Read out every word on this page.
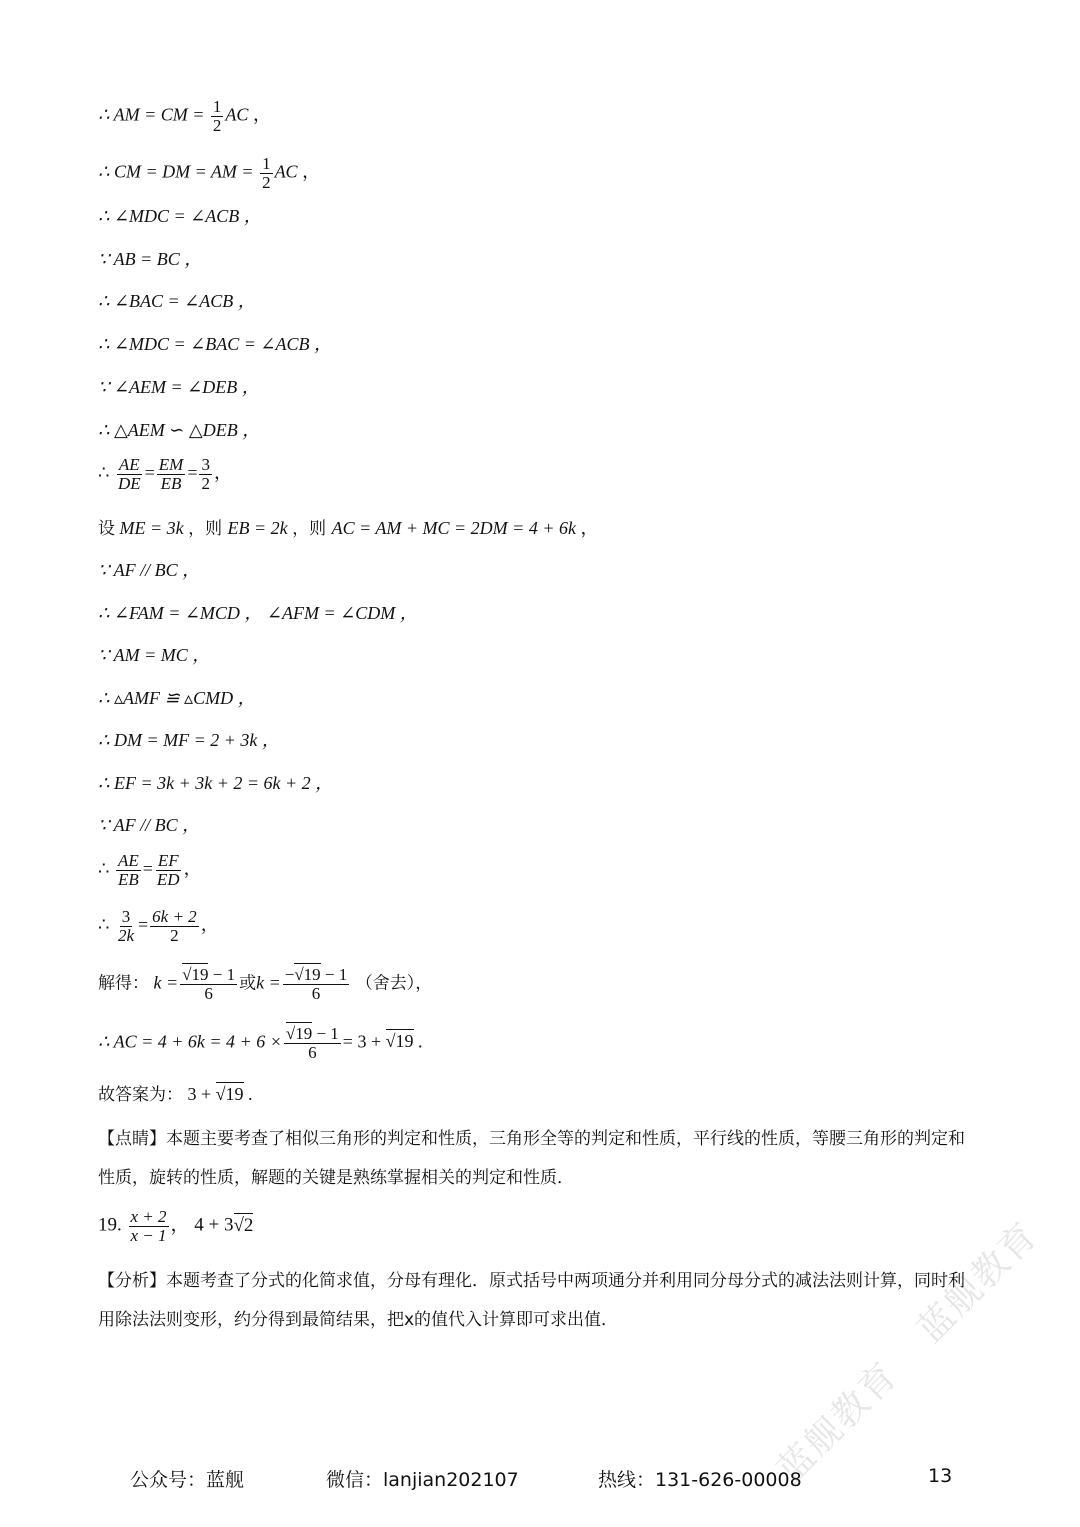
蓝舰教育
蓝舰教育
∴ AM = CM = $\frac{1}{2}$ AC ，
∴ CM = DM = AM = $\frac{1}{2}$ AC ，
∴ ∠MDC = ∠ACB ，
∵ AB = BC ，
∴ ∠BAC = ∠ACB ，
∴ ∠MDC = ∠BAC = ∠ACB ，
∵ ∠AEM = ∠DEB ，
∴ △AEM ∽ △DEB ，
∴ $\frac{AE}{DE} = \frac{EM}{EB} = \frac{3}{2}$ ，
设 ME = 3k ，则 EB = 2k ，则 AC = AM + MC = 2DM = 4 + 6k ，
∵ AF // BC ，
∴ ∠FAM = ∠MCD ， ∠AFM = ∠CDM ，
∵ AM = MC ，
∴ ▵AMF ≌ ▵CMD ，
∴ DM = MF = 2 + 3k ，
∴ EF = 3k + 3k + 2 = 6k + 2 ，
∵ AF // BC ，
∴ $\frac{AE}{EB} = \frac{EF}{ED}$ ，
∴ $\frac{3}{2k} = \frac{6k + 2}{2}$ ，
解得： $k = \frac{√19 - 1}{6}$ 或$k = \frac{-√19 - 1}{6}$ （舍去），
∴ AC = $4 + 6k = 4 + 6 \times \frac{√19 - 1}{6} = 3 + √19$ .
故答案为： 3 + √19 .
【点睛】本题主要考查了相似三角形的判定和性质，三角形全等的判定和性质，平行线的性质，等腰三角形的判定和性质，旋转的性质，解题的关键是熟练掌握相关的判定和性质．
19. $\frac{x + 2}{x - 1}$ ， 4 + 3√2
【分析】本题考查了分式的化简求值，分母有理化．原式括号中两项通分并利用同分母分式的减法法则计算，同时利用除法法则变形，约分得到最简结果，把x的值代入计算即可求出值．
公众号：蓝舰	微信：lanjian202107	热线：131-626-00008	13
